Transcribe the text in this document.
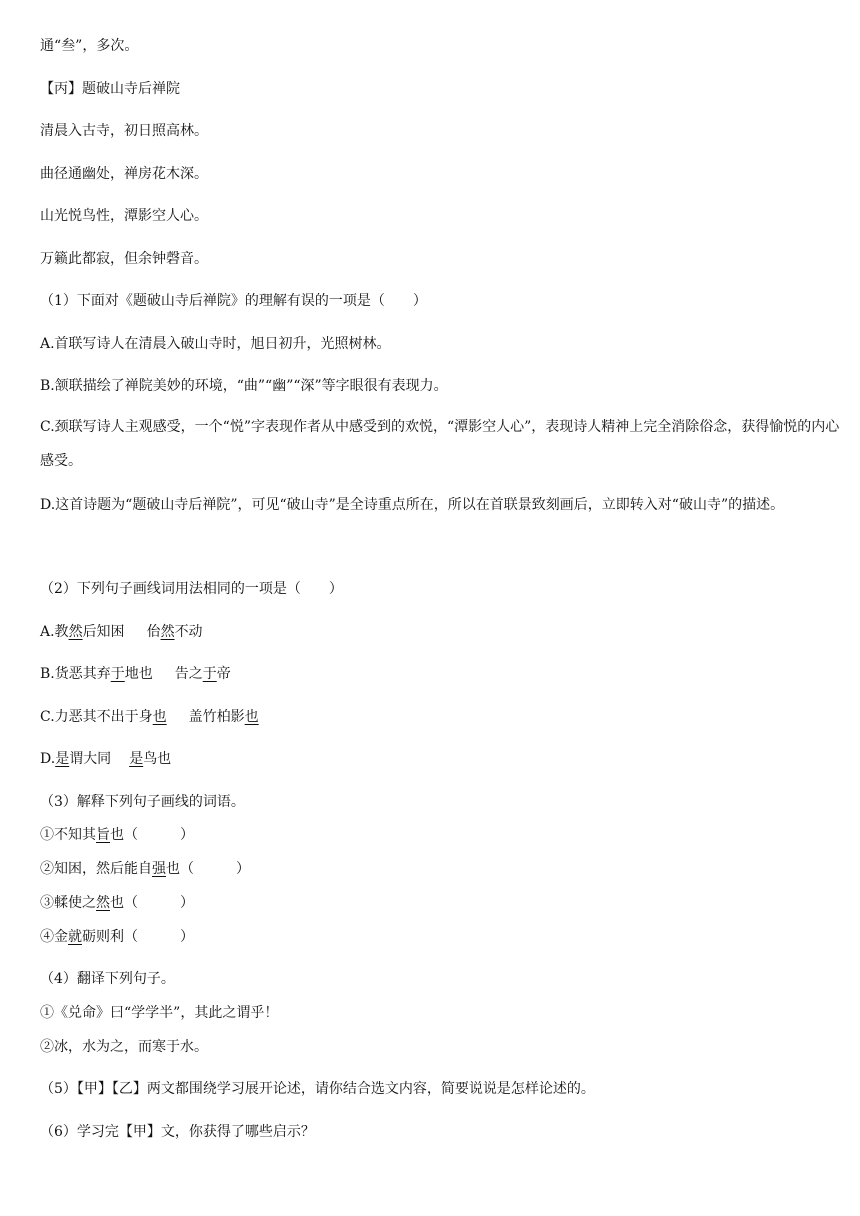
通“叁”，多次。
【丙】题破山寺后禅院
清晨入古寺，初日照高林。
曲径通幽处，禅房花木深。
山光悦鸟性，潭影空人心。
万籁此都寂，但余钟磬音。
（1）下面对《题破山寺后禅院》的理解有误的一项是（　　）
A.首联写诗人在清晨入破山寺时，旭日初升，光照树林。
B.颔联描绘了禅院美妙的环境，“曲”“幽”“深”等字眼很有表现力。
C.颈联写诗人主观感受，一个“悦”字表现作者从中感受到的欢悦，“潭影空人心”，表现诗人精神上完全消除俗念，获得愉悦的内心感受。
D.这首诗题为“题破山寺后禅院”，可见“破山寺”是全诗重点所在，所以在首联景致刻画后，立即转入对“破山寺”的描述。
（2）下列句子画线词用法相同的一项是（　　）
A.教然后知困 佁然不动
B.货恶其弃于地也 告之于帝
C.力恶其不出于身也 盖竹柏影也
D.是谓大同 是鸟也
（3）解释下列句子画线的词语。
①不知其旨也（　　　）
②知困，然后能自强也（　　　）
③輮使之然也（　　　）
④金就砺则利（　　　）
（4）翻译下列句子。
①《兑命》曰“学学半”，其此之谓乎！
②冰，水为之，而寒于水。
（5）【甲】【乙】两文都围绕学习展开论述，请你结合选文内容，简要说说是怎样论述的。
（6）学习完【甲】文，你获得了哪些启示？
